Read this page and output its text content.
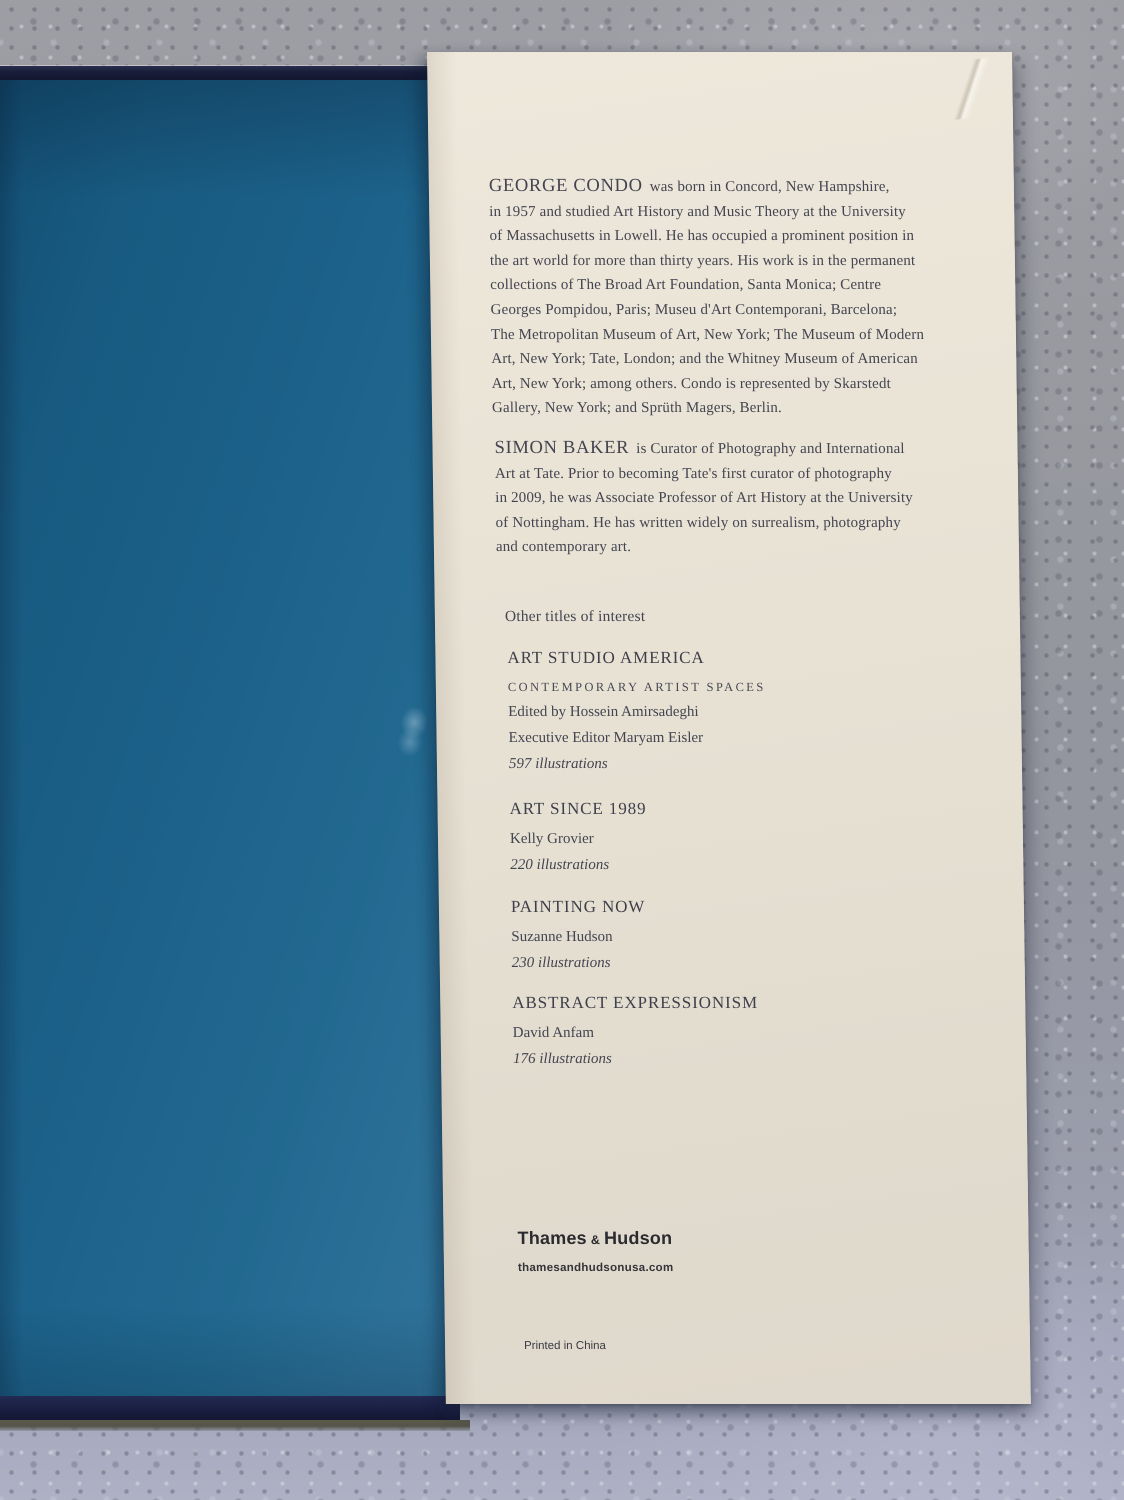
GEORGE CONDO was born in Concord, New Hampshire,
in 1957 and studied Art History and Music Theory at the University
of Massachusetts in Lowell. He has occupied a prominent position in
the art world for more than thirty years. His work is in the permanent
collections of The Broad Art Foundation, Santa Monica; Centre
Georges Pompidou, Paris; Museu d'Art Contemporani, Barcelona;
The Metropolitan Museum of Art, New York; The Museum of Modern
Art, New York; Tate, London; and the Whitney Museum of American
Art, New York; among others. Condo is represented by Skarstedt
Gallery, New York; and Sprüth Magers, Berlin.

SIMON BAKER is Curator of Photography and International
Art at Tate. Prior to becoming Tate's first curator of photography
in 2009, he was Associate Professor of Art History at the University
of Nottingham. He has written widely on surrealism, photography
and contemporary art.

Other titles of interest
ART STUDIO AMERICA
CONTEMPORARY ARTIST SPACES
Edited by Hossein Amirsadeghi
Executive Editor Maryam Eisler
597 illustrations
ART SINCE 1989
Kelly Grovier
220 illustrations
PAINTING NOW
Suzanne Hudson
230 illustrations
ABSTRACT EXPRESSIONISM
David Anfam
176 illustrations
Thames & Hudson
thamesandhudsonusa.com
Printed in China
